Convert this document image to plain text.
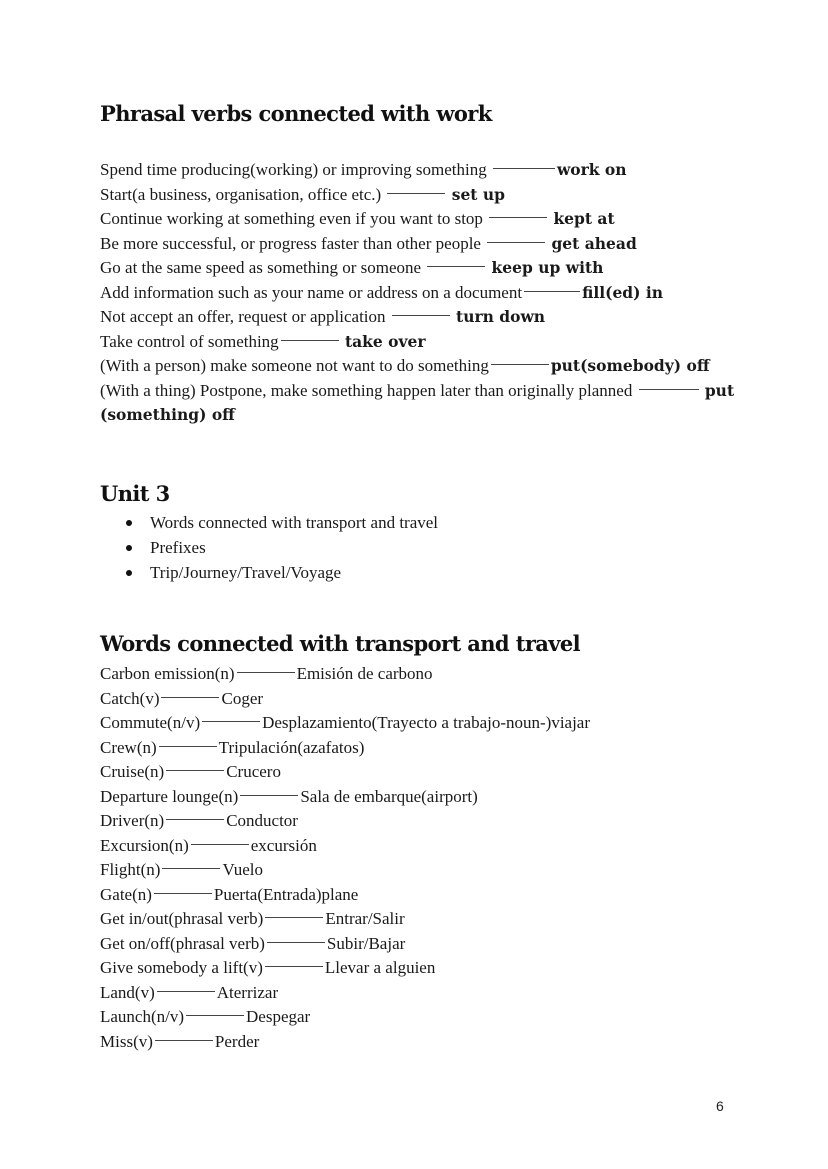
Phrasal verbs connected with work
Spend time producing(working) or improving something	work on
Start(a business, organisation, office etc.)	set up
Continue working at something even if you want to stop	kept at
Be more successful, or progress faster than other people	get ahead
Go at the same speed as something or someone	keep up with
Add information such as your name or address on a document	fill(ed) in
Not accept an offer, request or application	turn down
Take control of something	take over
(With a person) make someone not want to do something	put(somebody) off
(With a thing) Postpone, make something happen later than originally planned	put (something) off
Unit 3
Words connected with transport and travel
Prefixes
Trip/Journey/Travel/Voyage
Words connected with transport and travel
Carbon emission(n)	Emisión de carbono
Catch(v)	Coger
Commute(n/v)	Desplazamiento(Trayecto a trabajo-noun-)viajar
Crew(n)	Tripulación(azafatos)
Cruise(n)	Crucero
Departure lounge(n)	Sala de embarque(airport)
Driver(n)	Conductor
Excursion(n)	excursión
Flight(n)	Vuelo
Gate(n)	Puerta(Entrada)plane
Get in/out(phrasal verb)	Entrar/Salir
Get on/off(phrasal verb)	Subir/Bajar
Give somebody a lift(v)	Llevar a alguien
Land(v)	Aterrizar
Launch(n/v)	Despegar
Miss(v)	Perder
6
